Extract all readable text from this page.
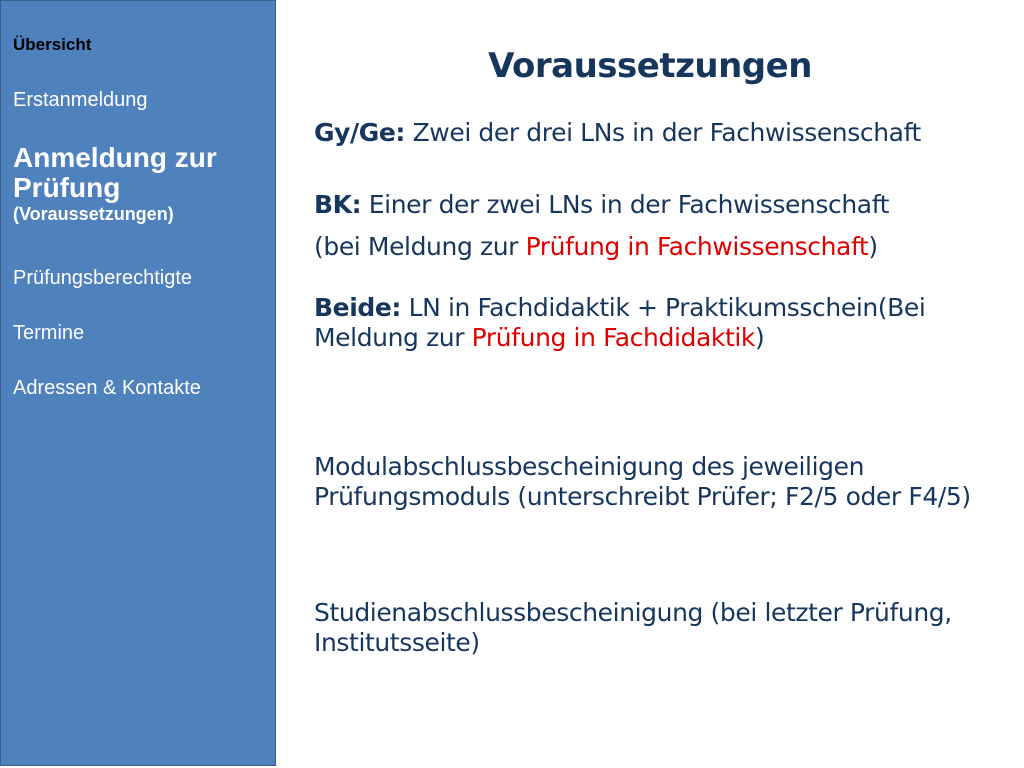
Übersicht
Erstanmeldung
Anmeldung zur Prüfung
(Voraussetzungen)
Prüfungsberechtigte
Termine
Adressen & Kontakte
Voraussetzungen

Gy/Ge: Zwei der drei LNs in der Fachwissenschaft

BK: Einer der zwei LNs in der Fachwissenschaft

(bei Meldung zur Prüfung in Fachwissenschaft)

Beide: LN in Fachdidaktik + Praktikumsschein(Bei Meldung zur Prüfung in Fachdidaktik)

Modulabschlussbescheinigung des jeweiligen Prüfungsmoduls (unterschreibt Prüfer; F2/5 oder F4/5)

Studienabschlussbescheinigung (bei letzter Prüfung, Institutsseite)
